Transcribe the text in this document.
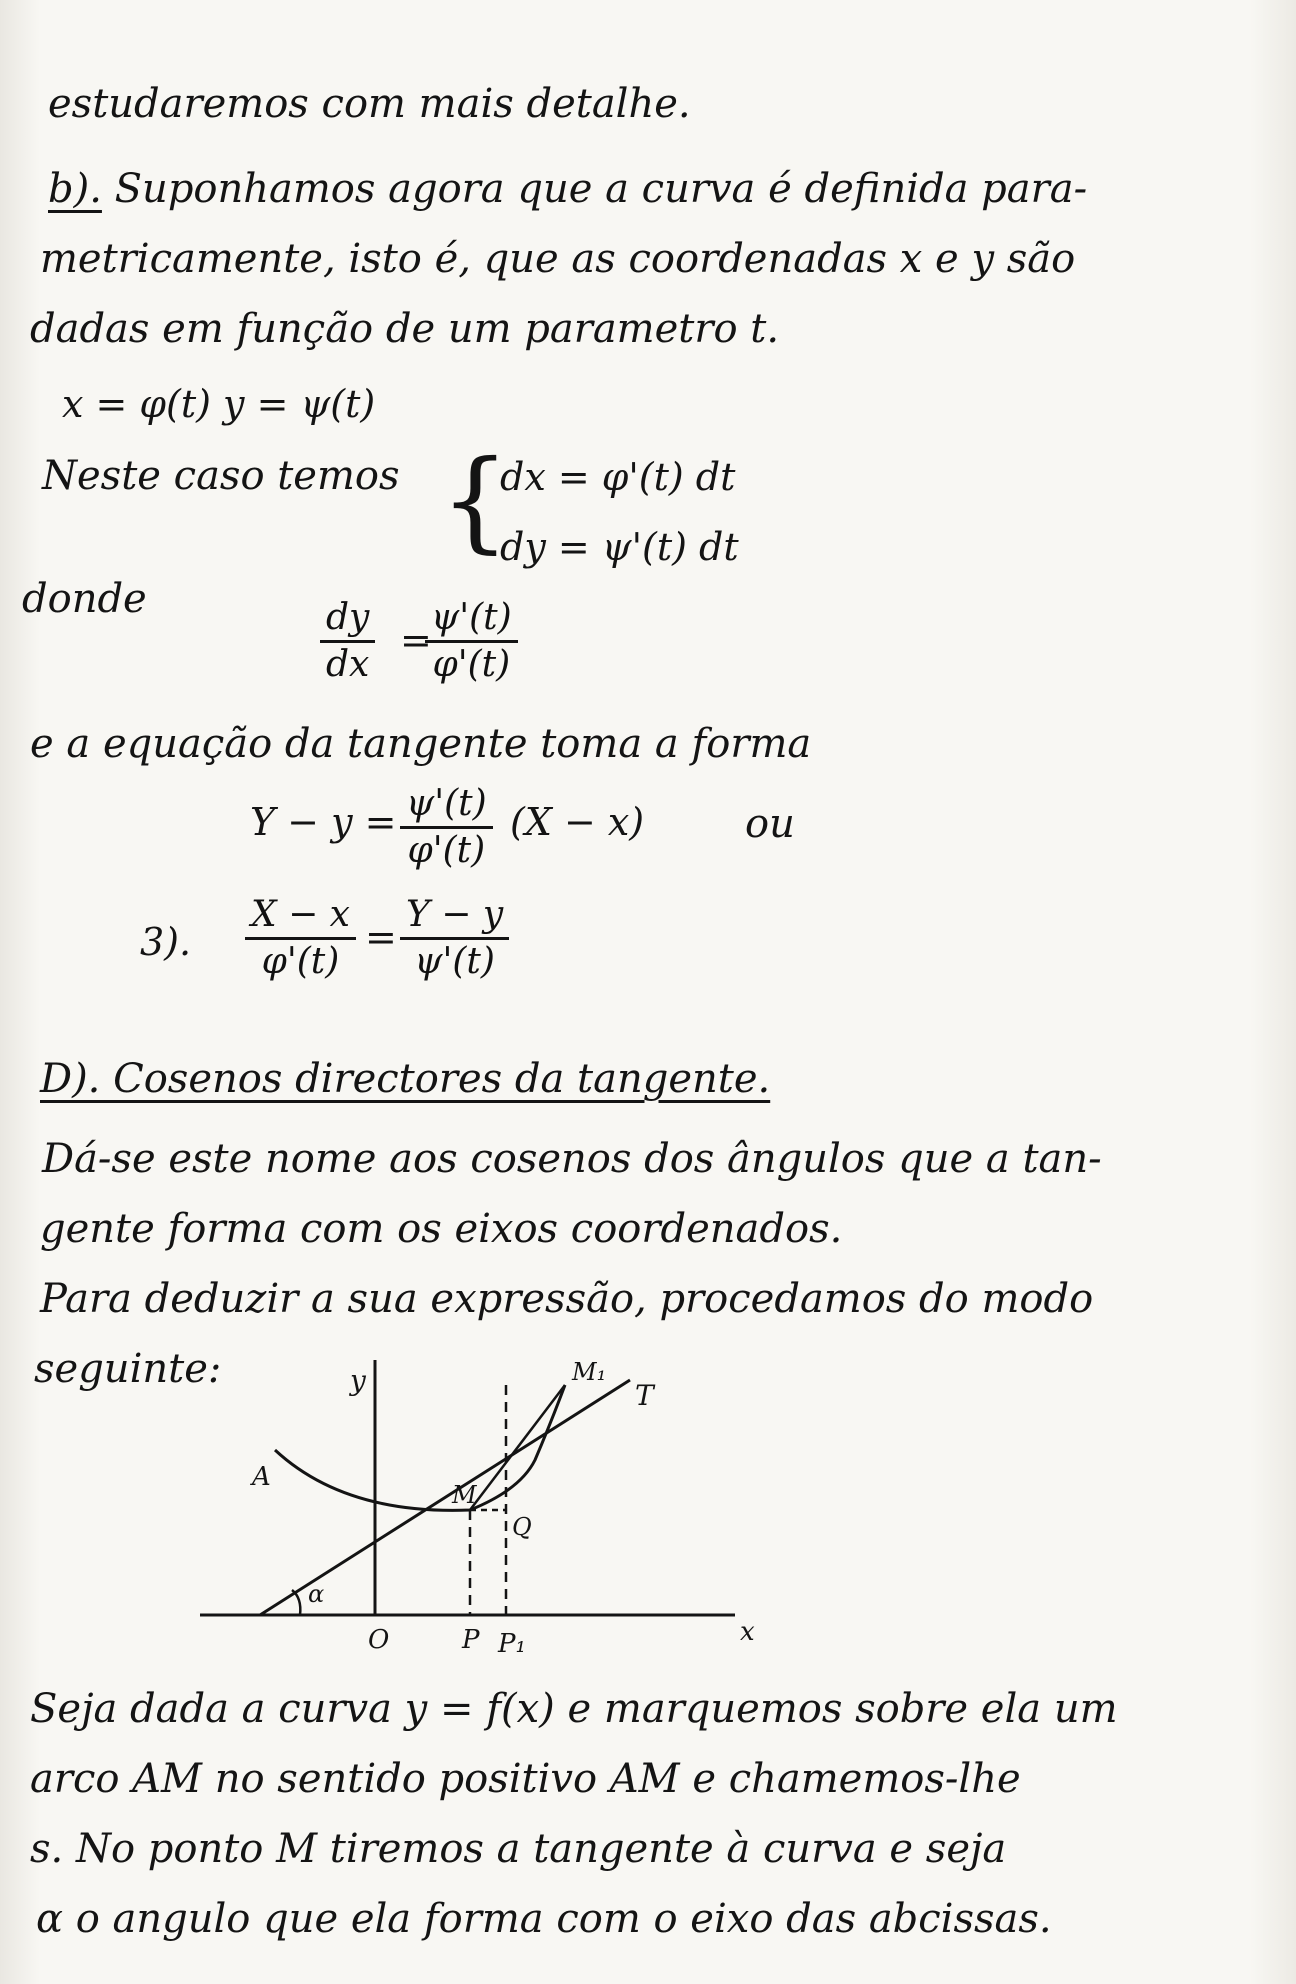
estudaremos com mais detalhe.
b). Suponhamos agora que a curva é definida para-
metricamente, isto é, que as coordenadas x e y são
dadas em função de um parametro t.
x = φ(t) y = ψ(t)
Neste caso temos {
dx = φ'(t) dt
dy = ψ'(t) dt
donde	$\frac{dy}{dx}$ =
$\frac{\psi'(t)}{\varphi'(t)}$
e a equação da tangente toma a forma
$Y - y = \frac{\psi'(t)}{\varphi'(t)} (X - x)$	ou
3). $\frac{X - x}{\varphi'(t)} = \frac{Y - y}{\psi'(t)}$
D). Cosenos directores da tangente.
Dá-se este nome aos cosenos dos ângulos que a tan-
gente forma com os eixos coordenados.
Para deduzir a sua expressão, procedamos do modo
seguinte:	y
x
O	P P₁
A
M
M₁
T
Q
α
Seja dada a curva y = f(x) e marquemos sobre ela um
arco AM no sentido positivo AM e chamemos-lhe
s. No ponto M tiremos a tangente à curva e seja
α o angulo que ela forma com o eixo das abcissas.
